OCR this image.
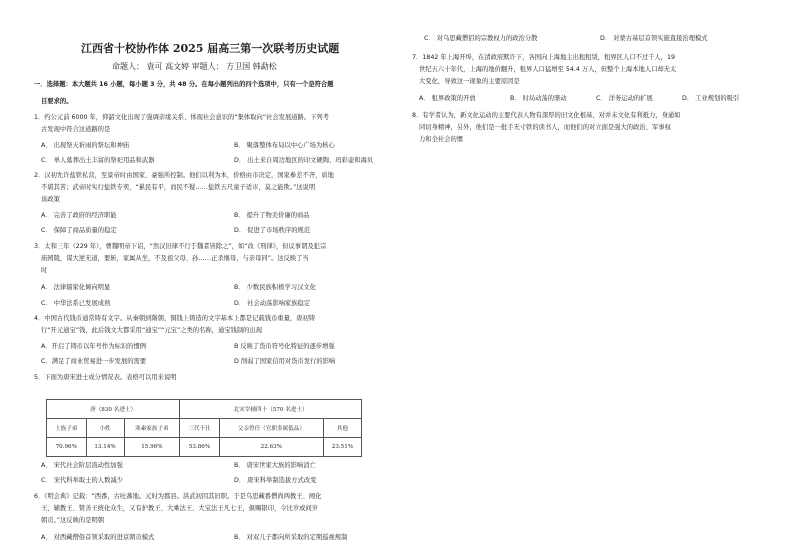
江西省十校协作体 2025 届高三第一次联考历史试题
命题人： 袁可 高文婷 审题人： 方卫国 韩勐松
一．选择题：本大题共 16 小题，每小题 3 分，共 48 分。在每小题列出的四个选项中，只有一个是符合题
目要求的。
1．约公元前 6000 年，仰韶文化出现了强调亲缘关系、体现社会意识的“集体取向”社会发展道路。下列考
古发现中符合这道路的是
A． 出现祭天祈雨的祭坛和神庙	B． 聚落整体布局以中心广场为核心
C． 单人墓葬出土丰富的祭祀用品和武器	D． 出土来自周边地区的印文硬陶、玛彩壶和海贝
2．汉初允许盐铁私营，至景帝时由国家、豪强所控制。他们以利为本，价格由市决定，国家参差不齐，质地
不堪其苦；武帝时实行盐铁专卖，“累民有平，而民不疑……盐铁五尺童子适市，莫之能欺。”这说明
该政策
A． 完善了政府的经济职能	B． 提升了物美价廉的商品
C． 保障了商品质量的稳定	D． 促进了市场秩序的规范
3．太和三年（229 年），曹魏明帝下诏，“然汉旧律不行于魏者皆除之”，如“改《刑律》，但议事谓及犯宗
庙园陵，谋大逆无道，要斩，家属从坐，不及祖父母、孙……正杀继母，与亲母同”。这反映了当
时
A． 法律儒家化倾向明显	B． 少数民族积极学习汉文化
C． 中华法系已发展成熟	D． 社会动荡影响家族稳定
4．中国古代钱币通常铸有文字。从秦朝到隋朝，铜钱上铸造的文字基本上都是记载钱币重量，唐初铸
行“开元通宝”钱，此后钱文大都采用“通宝”“元宝”之类的名称，通宝钱制的出现
A．开启了铸币以年号作为标识的惯例	B 反映了货币符号化特征的逐步增强
C．满足了商业贸易进一步发展的需要	D 削弱了国家信用对货币发行的影响
5．下面为唐宋进士成分情况表。表格可以用来说明
唐（830 名进士）			北宋宰辅四十（570 名进士）		
士族子弟	小姓	寒素家族子弟	三代不仕	父亲曾任（官职多属低品）	其他
70.96%	13.14%	15.96%	53.86%	22.63%	23.51%
A． 宋代社会阶层流动性加强	B． 唐宋世家大族的影响消亡
C． 宋代科举取士的人数减少	D． 唐宋科举制选拔方式改变
6．《明会典》记载：“西番，古吐蕃地。元时为郡县。洪武初因其旧职。于是乌思藏番僧尚两教王、阐化
王、辅教王、赞善王统化众生，又有护教王、大乘法王、大宝法王凡七王，俱赐银印，令比岁或间岁
朝贡。”这反映的是明朝
A． 对西藏僧俗首领采取的进京朝贡模式	B． 对双儿子都向所采取的定期巡视规制
C． 对乌思藏僧侣的宗教权力的政治分散	D． 对蒙古基层首领实施直接治理模式
7．1842 年上海开埠，在清政府默许下，各国向上海地主出租租赁，租界区人口不过千人，19
世纪五六十年代，上海的地价翻升，租界人口猛增至 54.4 万人，但整个上海本地人口却无太
大变化，导致这一现象的主要原因是
A． 租界政策的开放	B． 时局动荡的驱动	C． 洋务运动的扩展	D． 工业规划的吸引
8．有学者认为，新文化运动的主要代表人物有深厚的旧文化根基，对并未文化有利抵力，身通如
同切身精神，另外，他们是一批手无寸铁的读书人，而他们的对立面是强大的政治、军事权
力和全社会的惯
